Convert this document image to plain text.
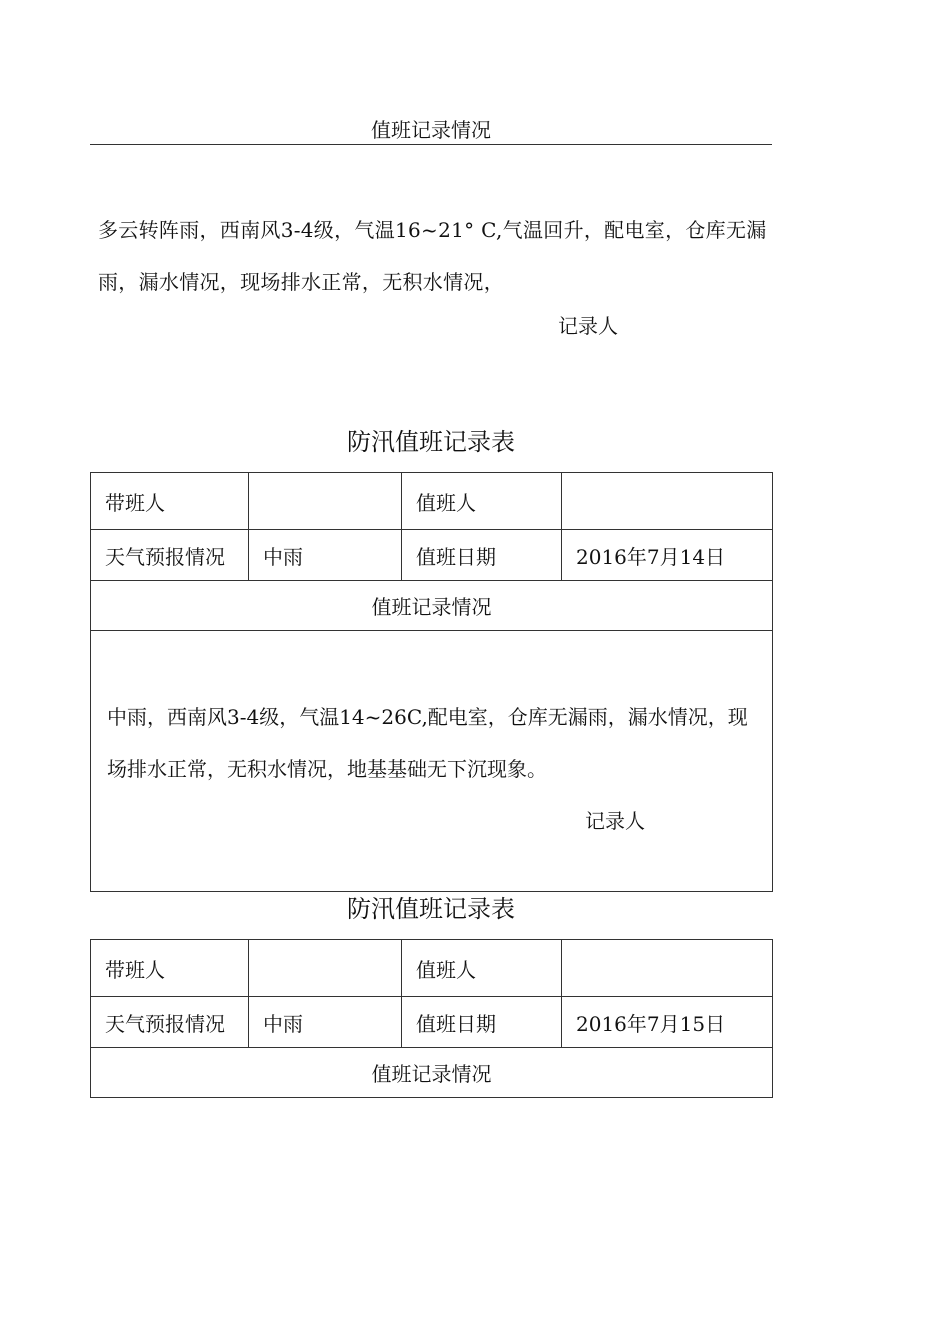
值班记录情况
多云转阵雨，西南风3-4级，气温16~21° C,气温回升，配电室，仓库无漏雨，漏水情况，现场排水正常，无积水情况，
记录人
防汛值班记录表
带班人		值班人	
天气预报情况	中雨	值班日期	2016年7月14日
值班记录情况			

中雨，西南风3-4级，气温14~26C,配电室，仓库无漏雨，漏水情况，现场排水正常，无积水情况，地基基础无下沉现象。
记录人			
防汛值班记录表
带班人		值班人	
天气预报情况	中雨	值班日期	2016年7月15日
值班记录情况			
